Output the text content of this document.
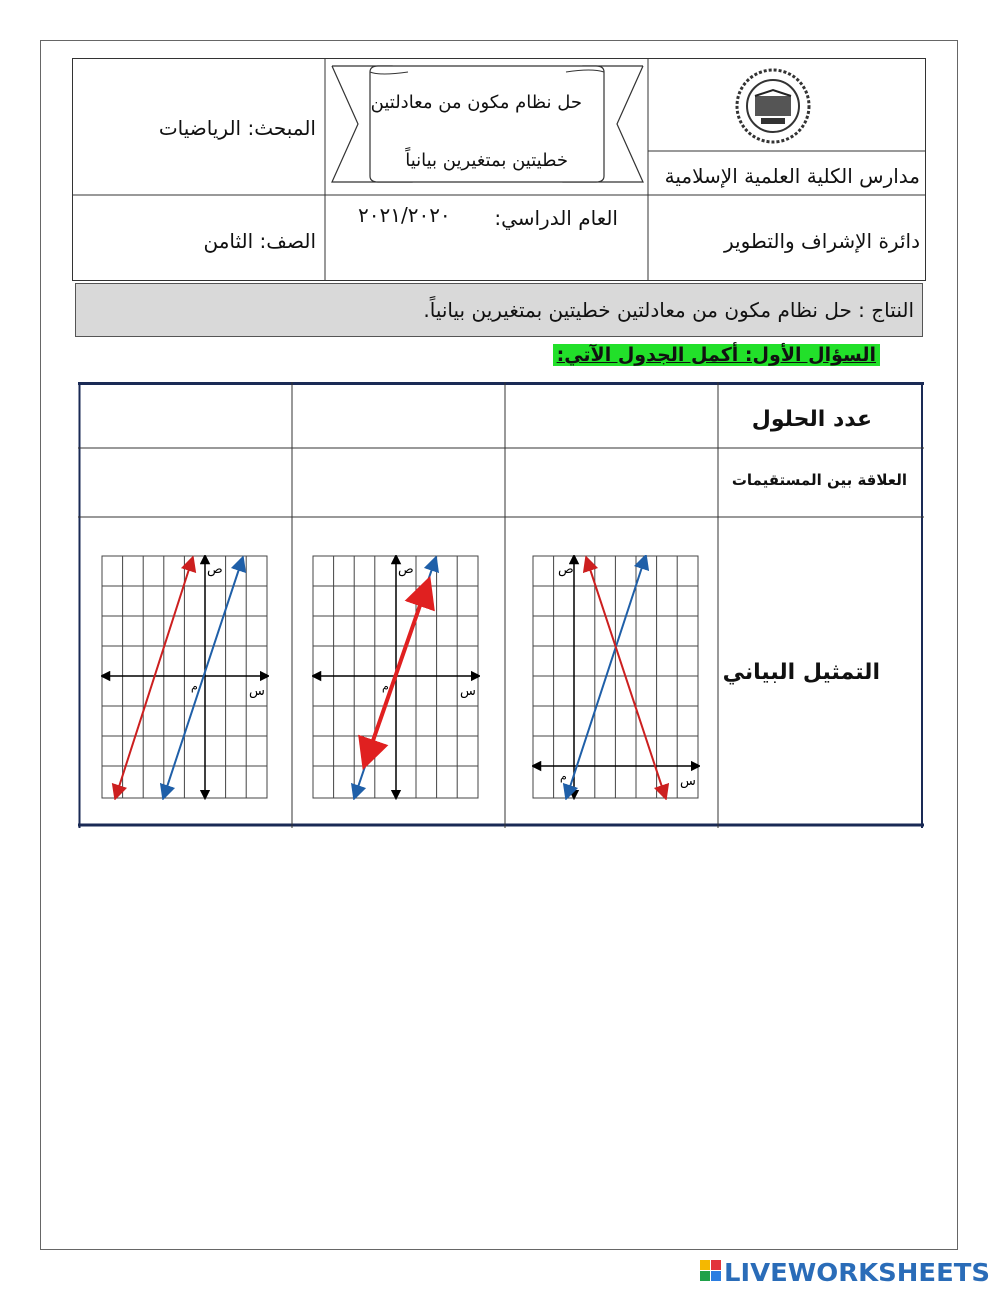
حل نظام مكون من معادلتين
خطيتين بمتغيرين بيانياً
مدارس الكلية العلمية الإسلامية
دائرة الإشراف والتطوير
المبحث: الرياضيات
الصف: الثامن
العام الدراسي:
٢٠٢١/٢٠٢٠
النتاج : حل نظام مكون من معادلتين خطيتين بمتغيرين بيانياً.
السؤال الأول: أكمل الجدول الآتي:
عدد الحلول
العلاقة بين المستقيمات
التمثيل البياني
ص
س
م
ص
س
م
ص
س
م
LIVEWORKSHEETS
